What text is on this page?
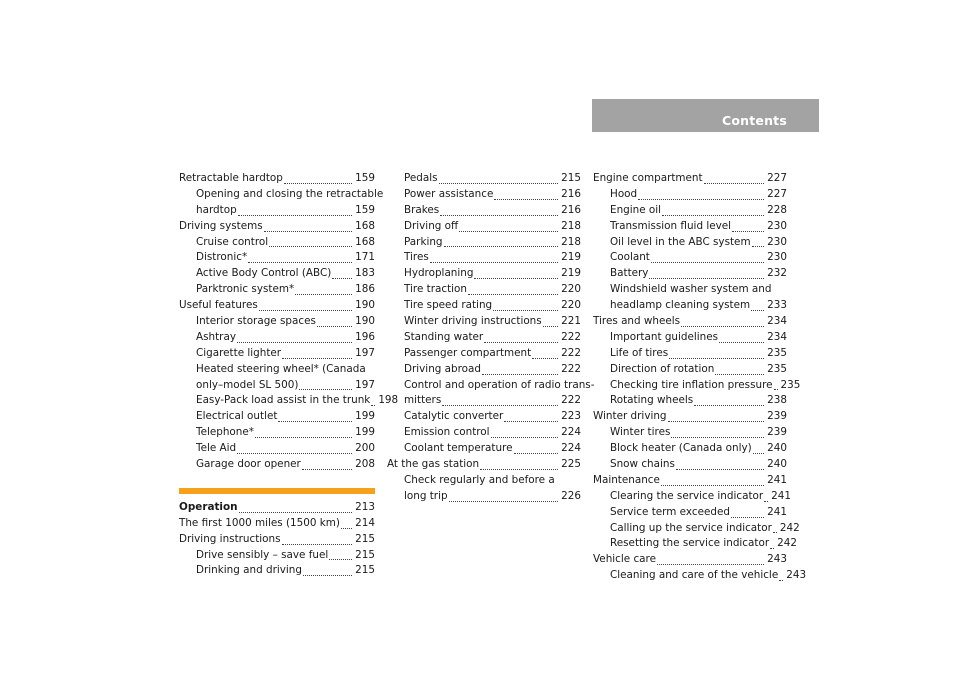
Contents
Retractable hardtop	159
Opening and closing the retractable
hardtop	159
Driving systems	168
Cruise control	168
Distronic*	171
Active Body Control (ABC) 183
Parktronic system*	186
Useful features	190
Interior storage spaces	190
Ashtray	196
Cigarette lighter	197
Heated steering wheel* (Canada
only–model SL 500)	197
Easy-Pack load assist in the trunk 198
Electrical outlet	199
Telephone*	199
Tele Aid	200
Garage door opener	208
Operation	213
The first 1000 miles (1500 km) 214
Driving instructions	215
Drive sensibly – save fuel	215
Drinking and driving	215
Pedals	215
Power assistance	216
Brakes	216
Driving off	218
Parking	218
Tires	219
Hydroplaning	219
Tire traction	220
Tire speed rating	220
Winter driving instructions 221
Standing water	222
Passenger compartment	222
Driving abroad	222
Control and operation of radio trans-
mitters	222
Catalytic converter	223
Emission control	224
Coolant temperature	224
At the gas station	225
Check regularly and before a
long trip	226
Engine compartment	227
Hood	227
Engine oil	228
Transmission fluid level	230
Oil level in the ABC system 230
Coolant	230
Battery	232
Windshield washer system and
headlamp cleaning system 233
Tires and wheels	234
Important guidelines	234
Life of tires	235
Direction of rotation	235
Checking tire inflation pressure 235
Rotating wheels	238
Winter driving	239
Winter tires	239
Block heater (Canada only) 240
Snow chains	240
Maintenance	241
Clearing the service indicator 241
Service term exceeded	241
Calling up the service indicator 242
Resetting the service indicator 242
Vehicle care	243
Cleaning and care of the vehicle 243
